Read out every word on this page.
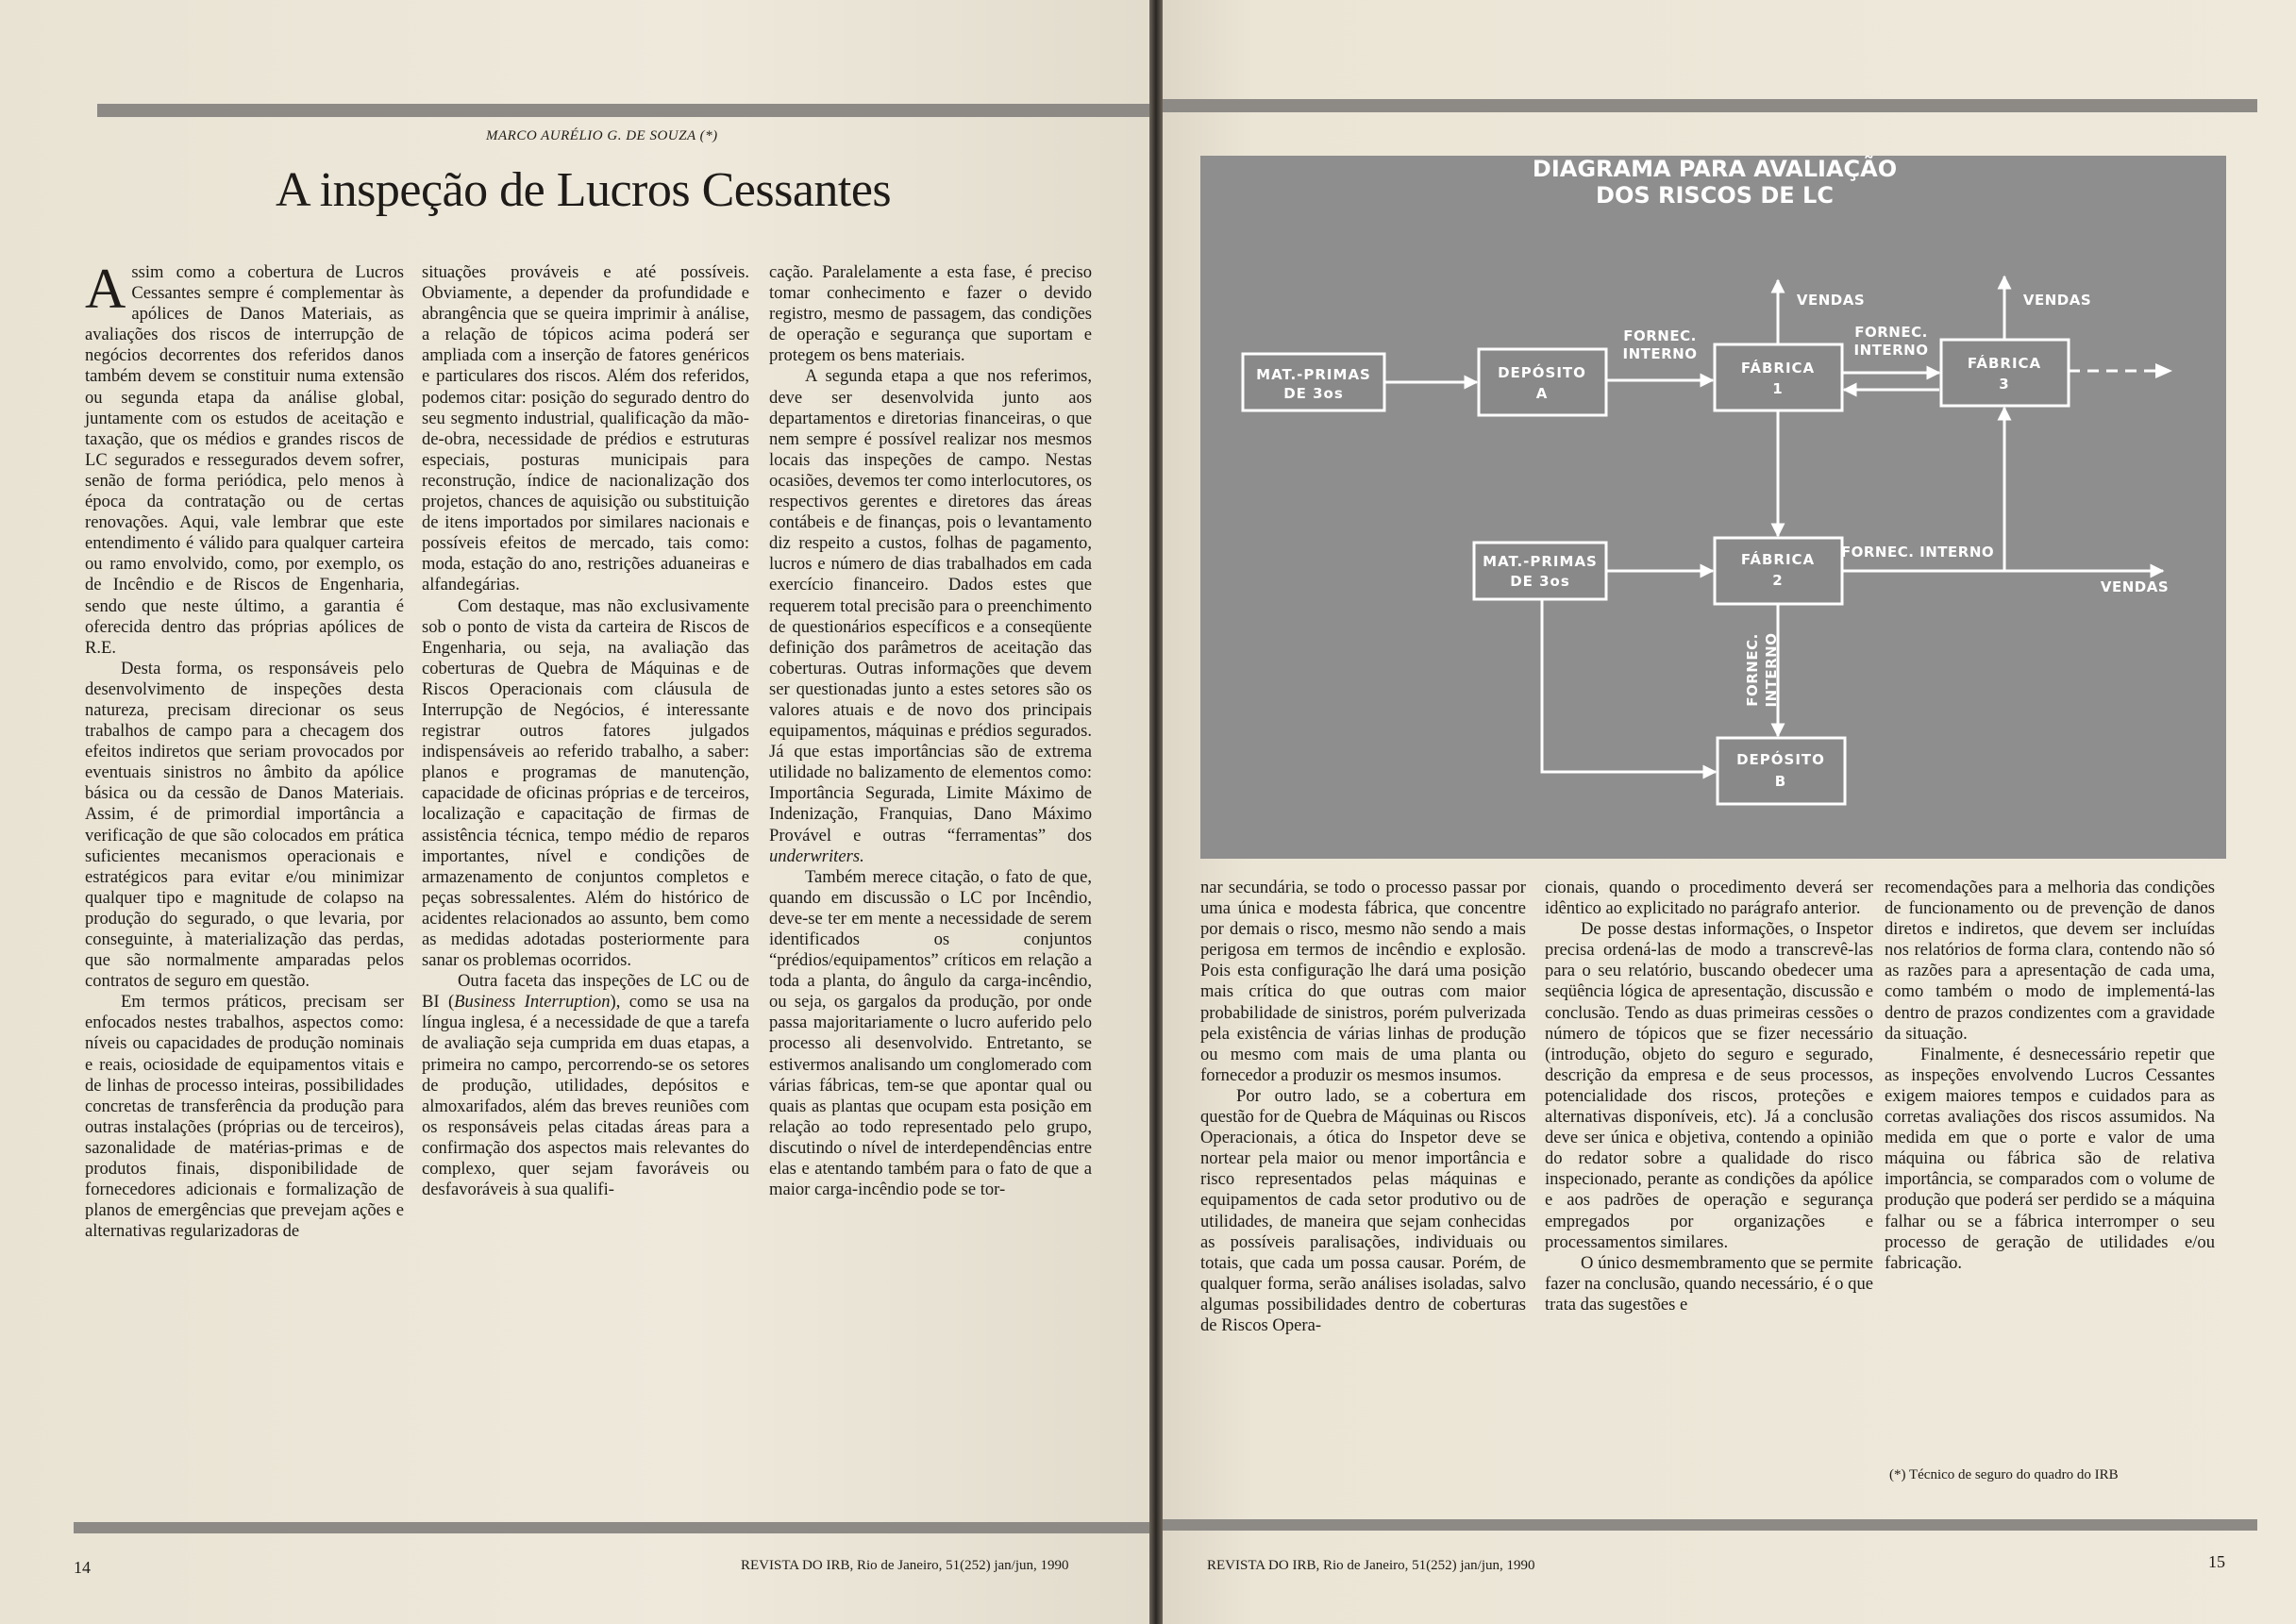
MARCO AURÉLIO G. DE SOUZA (*)
A inspeção de Lucros Cessantes

Assim como a cobertura de Lucros Cessantes sempre é complementar às apólices de Danos Materiais, as avaliações dos riscos de interrupção de negócios decorrentes dos referidos danos também devem se constituir numa extensão ou segunda etapa da análise global, juntamente com os estudos de aceitação e taxação, que os médios e grandes riscos de LC segurados e ressegurados devem sofrer, senão de forma periódica, pelo menos à época da contratação ou de certas renovações. Aqui, vale lembrar que este entendimento é válido para qualquer carteira ou ramo envolvido, como, por exemplo, os de Incêndio e de Riscos de Engenharia, sendo que neste último, a garantia é oferecida dentro das próprias apólices de R.E.

Desta forma, os responsáveis pelo desenvolvimento de inspeções desta natureza, precisam direcionar os seus trabalhos de campo para a checagem dos efeitos indiretos que seriam provocados por eventuais sinistros no âmbito da apólice básica ou da cessão de Danos Materiais. Assim, é de primordial importância a verificação de que são colocados em prática suficientes mecanismos operacionais e estratégicos para evitar e/ou minimizar qualquer tipo e magnitude de colapso na produção do segurado, o que levaria, por conseguinte, à materialização das perdas, que são normalmente amparadas pelos contratos de seguro em questão.

Em termos práticos, precisam ser enfocados nestes trabalhos, aspectos como: níveis ou capacidades de produção nominais e reais, ociosidade de equipamentos vitais e de linhas de processo inteiras, possibilidades concretas de transferência da produção para outras instalações (próprias ou de terceiros), sazonalidade de matérias-primas e de produtos finais, disponibilidade de fornecedores adicionais e formalização de planos de emergências que prevejam ações e alternativas regularizadoras de

situações prováveis e até possíveis. Obviamente, a depender da profundidade e abrangência que se queira imprimir à análise, a relação de tópicos acima poderá ser ampliada com a inserção de fatores genéricos e particulares dos riscos. Além dos referidos, podemos citar: posição do segurado dentro do seu segmento industrial, qualificação da mão-de-obra, necessidade de prédios e estruturas especiais, posturas municipais para reconstrução, índice de nacionalização dos projetos, chances de aquisição ou substituição de itens importados por similares nacionais e possíveis efeitos de mercado, tais como: moda, estação do ano, restrições aduaneiras e alfandegárias.

Com destaque, mas não exclusivamente sob o ponto de vista da carteira de Riscos de Engenharia, ou seja, na avaliação das coberturas de Quebra de Máquinas e de Riscos Operacionais com cláusula de Interrupção de Negócios, é interessante registrar outros fatores julgados indispensáveis ao referido trabalho, a saber: planos e programas de manutenção, capacidade de oficinas próprias e de terceiros, localização e capacitação de firmas de assistência técnica, tempo médio de reparos importantes, nível e condições de armazenamento de conjuntos completos e peças sobressalentes. Além do histórico de acidentes relacionados ao assunto, bem como as medidas adotadas posteriormente para sanar os problemas ocorridos.

Outra faceta das inspeções de LC ou de BI (Business Interruption), como se usa na língua inglesa, é a necessidade de que a tarefa de avaliação seja cumprida em duas etapas, a primeira no campo, percorrendo-se os setores de produção, utilidades, depósitos e almoxarifados, além das breves reuniões com os responsáveis pelas citadas áreas para a confirmação dos aspectos mais relevantes do complexo, quer sejam favoráveis ou desfavoráveis à sua qualifi-

cação. Paralelamente a esta fase, é preciso tomar conhecimento e fazer o devido registro, mesmo de passagem, das condições de operação e segurança que suportam e protegem os bens materiais.

A segunda etapa a que nos referimos, deve ser desenvolvida junto aos departamentos e diretorias financeiras, o que nem sempre é possível realizar nos mesmos locais das inspeções de campo. Nestas ocasiões, devemos ter como interlocutores, os respectivos gerentes e diretores das áreas contábeis e de finanças, pois o levantamento diz respeito a custos, folhas de pagamento, lucros e número de dias trabalhados em cada exercício financeiro. Dados estes que requerem total precisão para o preenchimento de questionários específicos e a conseqüente definição dos parâmetros de aceitação das coberturas. Outras informações que devem ser questionadas junto a estes setores são os valores atuais e de novo dos principais equipamentos, máquinas e prédios segurados. Já que estas importâncias são de extrema utilidade no balizamento de elementos como: Importância Segurada, Limite Máximo de Indenização, Franquias, Dano Máximo Provável e outras “ferramentas” dos underwriters.

Também merece citação, o fato de que, quando em discussão o LC por Incêndio, deve-se ter em mente a necessidade de serem identificados os conjuntos “prédios/equipamentos” críticos em relação a toda a planta, do ângulo da carga-incêndio, ou seja, os gargalos da produção, por onde passa majoritariamente o lucro auferido pelo processo ali desenvolvido. Entretanto, se estivermos analisando um conglomerado com várias fábricas, tem-se que apontar qual ou quais as plantas que ocupam esta posição em relação ao todo representado pelo grupo, discutindo o nível de interdependências entre elas e atentando também para o fato de que a maior carga-incêndio pode se tor-

14	REVISTA DO IRB, Rio de Janeiro, 51(252) jan/jun, 1990
DIAGRAMA PARA AVALIAÇÃO
DOS RISCOS DE LC
MAT.-PRIMAS
DE 3os
DEPÓSITO
A
FÁBRICA
1
FÁBRICA
3
MAT.-PRIMAS
DE 3os
FÁBRICA
2
DEPÓSITO
B
VENDAS	VENDAS
VENDAS
FORNEC.
INTERNO
FORNEC.
INTERNO
FORNEC. INTERNO
FORNEC. INTERNO

nar secundária, se todo o processo passar por uma única e modesta fábrica, que concentre por demais o risco, mesmo não sendo a mais perigosa em termos de incêndio e explosão. Pois esta configuração lhe dará uma posição mais crítica do que outras com maior probabilidade de sinistros, porém pulverizada pela existência de várias linhas de produção ou mesmo com mais de uma planta ou fornecedor a produzir os mesmos insumos.

Por outro lado, se a cobertura em questão for de Quebra de Máquinas ou Riscos Operacionais, a ótica do Inspetor deve se nortear pela maior ou menor importância e risco representados pelas máquinas e equipamentos de cada setor produtivo ou de utilidades, de maneira que sejam conhecidas as possíveis paralisações, individuais ou totais, que cada um possa causar. Porém, de qualquer forma, serão análises isoladas, salvo algumas possibilidades dentro de coberturas de Riscos Opera-

cionais, quando o procedimento deverá ser idêntico ao explicitado no parágrafo anterior.

De posse destas informações, o Inspetor precisa ordená-las de modo a transcrevê-las para o seu relatório, buscando obedecer uma seqüência lógica de apresentação, discussão e conclusão. Tendo as duas primeiras cessões o número de tópicos que se fizer necessário (introdução, objeto do seguro e segurado, descrição da empresa e de seus processos, potencialidade dos riscos, proteções e alternativas disponíveis, etc). Já a conclusão deve ser única e objetiva, contendo a opinião do redator sobre a qualidade do risco inspecionado, perante as condições da apólice e aos padrões de operação e segurança empregados por organizações e processamentos similares.

O único desmembramento que se permite fazer na conclusão, quando necessário, é o que trata das sugestões e

recomendações para a melhoria das condições de funcionamento ou de prevenção de danos diretos e indiretos, que devem ser incluídas nos relatórios de forma clara, contendo não só as razões para a apresentação de cada uma, como também o modo de implementá-las dentro de prazos condizentes com a gravidade da situação.

Finalmente, é desnecessário repetir que as inspeções envolvendo Lucros Cessantes exigem maiores tempos e cuidados para as corretas avaliações dos riscos assumidos. Na medida em que o porte e valor de uma máquina ou fábrica são de relativa importância, se comparados com o volume de produção que poderá ser perdido se a máquina falhar ou se a fábrica interromper o seu processo de geração de utilidades e/ou fabricação.

(*) Técnico de seguro do quadro do IRB
REVISTA DO IRB, Rio de Janeiro, 51(252) jan/jun, 1990	15
